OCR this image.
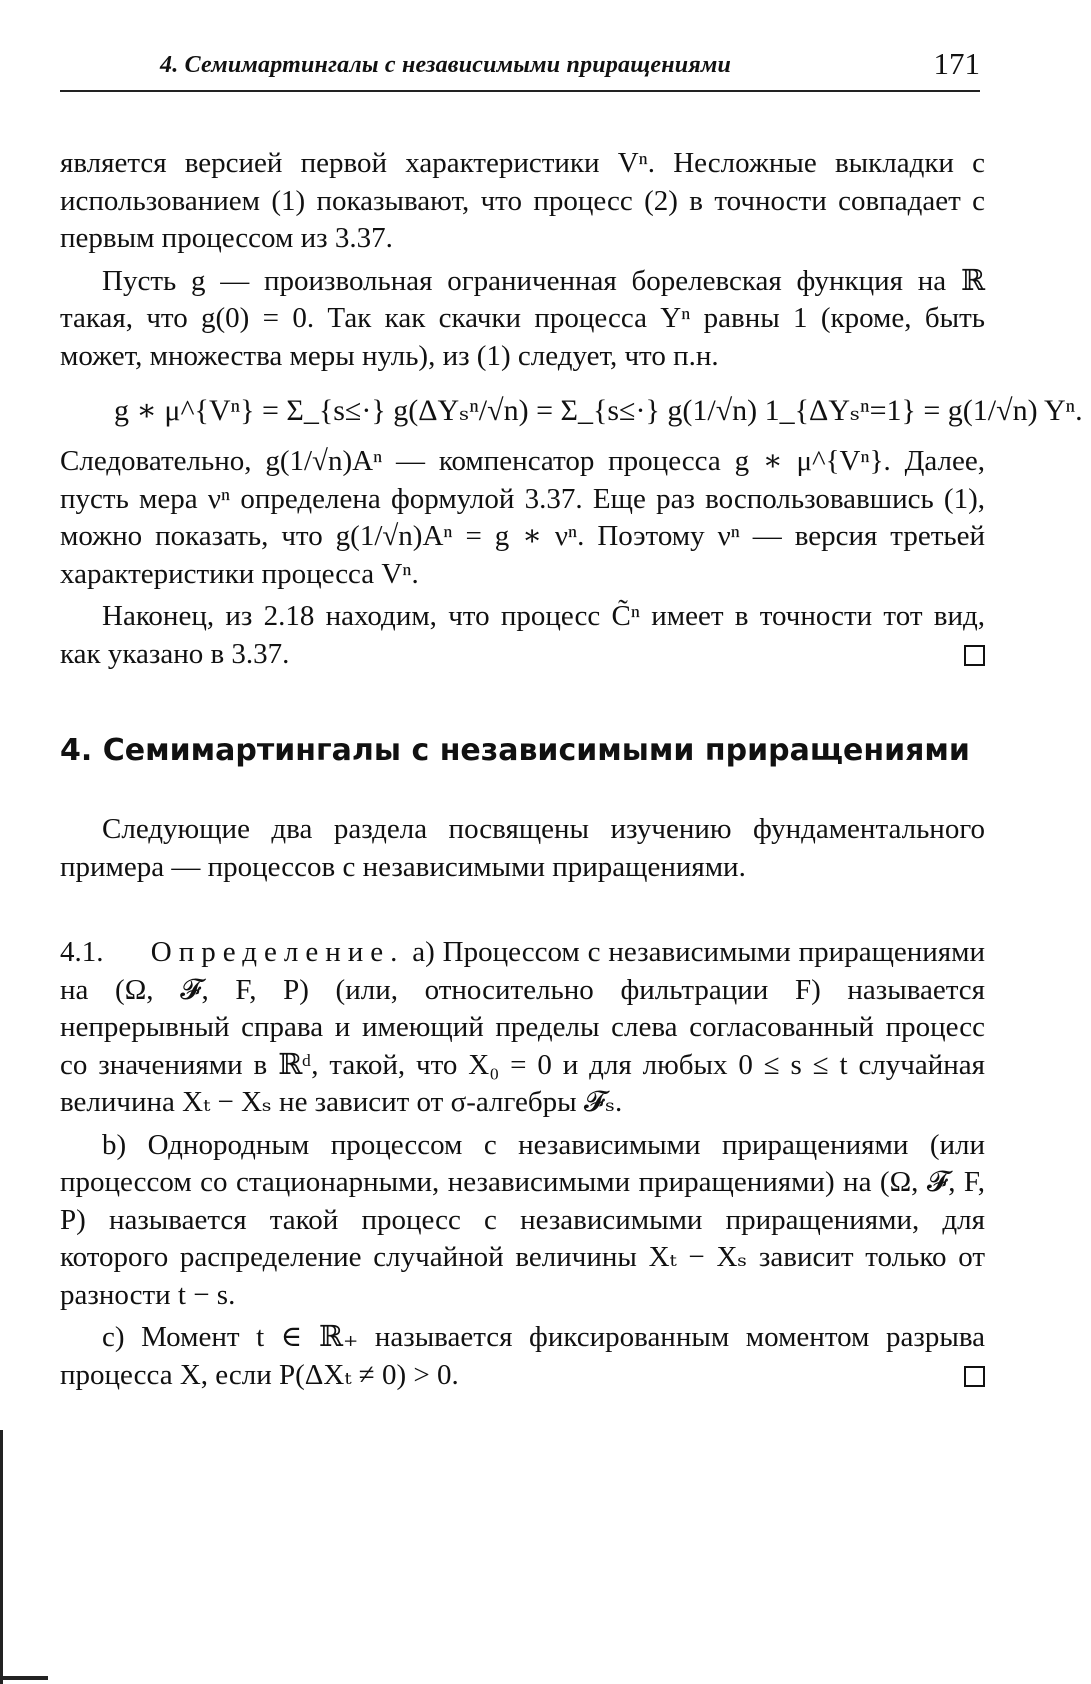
4. Семимартингалы с независимыми приращениями	171

является версией первой характеристики Vⁿ. Несложные выкладки с использованием (1) показывают, что процесс (2) в точности совпадает с первым процессом из 3.37.

Пусть g — произвольная ограниченная борелевская функция на ℝ такая, что g(0) = 0. Так как скачки процесса Yⁿ равны 1 (кроме, быть может, множества меры нуль), из (1) следует, что п.н.

g ∗ μ^{Vⁿ} = Σ_{s≤·} g(ΔYₛⁿ/√n) = Σ_{s≤·} g(1/√n) 1_{ΔYₛⁿ=1} = g(1/√n) Yⁿ.

Следовательно, g(1/√n)Aⁿ — компенсатор процесса g ∗ μ^{Vⁿ}. Далее, пусть мера νⁿ определена формулой 3.37. Еще раз воспользовавшись (1), можно показать, что g(1/√n)Aⁿ = g ∗ νⁿ. Поэтому νⁿ — версия третьей характеристики процесса Vⁿ.

Наконец, из 2.18 находим, что процесс C̃ⁿ имеет в точности тот вид, как указано в 3.37.

4. Семимартингалы с независимыми приращениями

Следующие два раздела посвящены изучению фундаментального примера — процессов с независимыми приращениями.

4.1. Определение. a) Процессом с независимыми приращениями на (Ω, 𝓕, F, P) (или, относительно фильтрации F) называется непрерывный справа и имеющий пределы слева согласованный процесс со значениями в ℝᵈ, такой, что X₀ = 0 и для любых 0 ≤ s ≤ t случайная величина Xₜ − Xₛ не зависит от σ-алгебры 𝓕ₛ.

b) Однородным процессом с независимыми приращениями (или процессом со стационарными, независимыми приращениями) на (Ω, 𝓕, F, P) называется такой процесс с независимыми приращениями, для которого распределение случайной величины Xₜ − Xₛ зависит только от разности t − s.

c) Момент t ∈ ℝ₊ называется фиксированным моментом разрыва процесса X, если P(ΔXₜ ≠ 0) > 0.
